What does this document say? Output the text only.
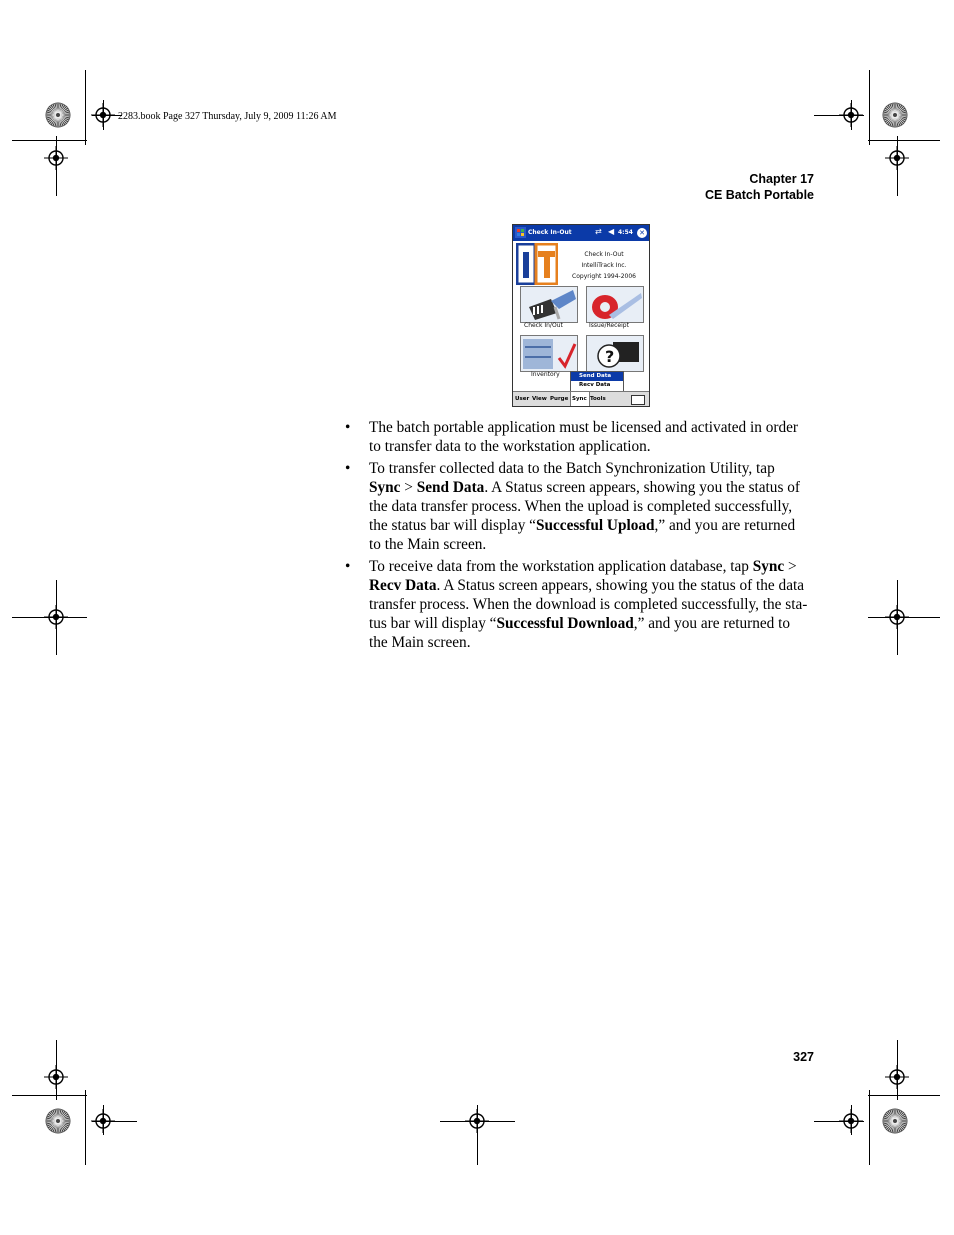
2283.book Page 327 Thursday, July 9, 2009 11:26 AM
Chapter 17
CE Batch Portable
Check In-Out	⇄ ◀ 4:54 ✕
Check In-Out
IntelliTrack Inc.
Copyright 1994-2006
Check In/Out	Issue/Receipt
Inventory
?
Send Data
Recv Data
User View Purge Sync Tools
• The batch portable application must be licensed and activated in order
to transfer data to the workstation application.

• To transfer collected data to the Batch Synchronization Utility, tap
Sync > Send Data. A Status screen appears, showing you the status of
the data transfer process. When the upload is completed successfully,
the status bar will display “Successful Upload,” and you are returned
to the Main screen.

• To receive data from the workstation application database, tap Sync >
Recv Data. A Status screen appears, showing you the status of the data
transfer process. When the download is completed successfully, the sta-
tus bar will display “Successful Download,” and you are returned to
the Main screen.

327
